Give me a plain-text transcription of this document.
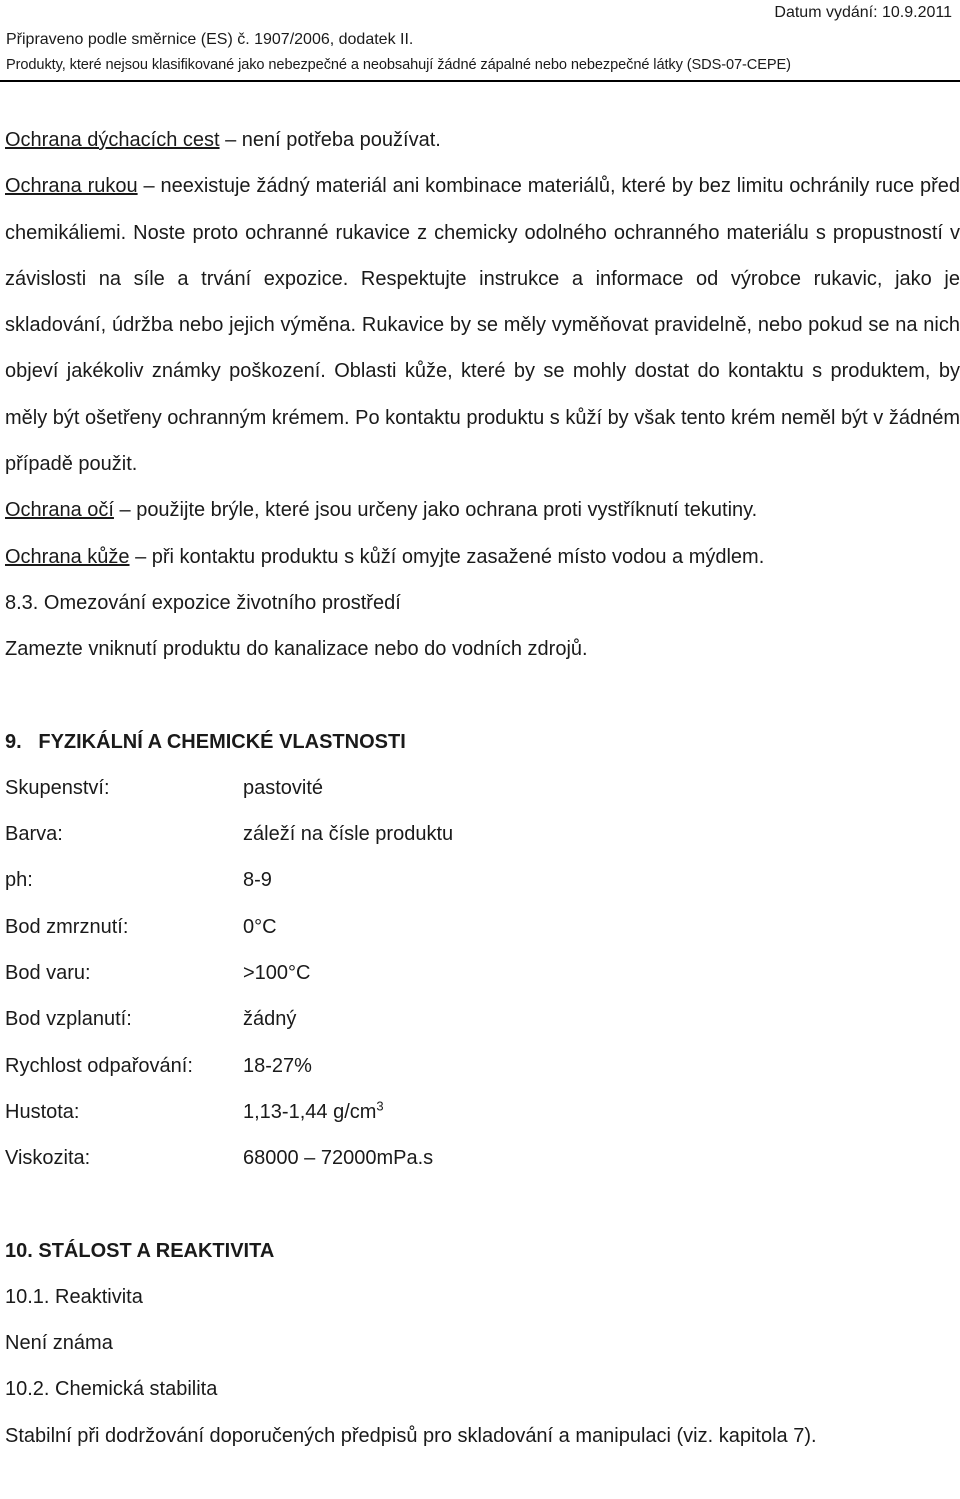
Datum vydání: 10.9.2011
Připraveno podle směrnice (ES) č. 1907/2006, dodatek II.
Produkty, které nejsou klasifikované jako nebezpečné a neobsahují žádné zápalné nebo nebezpečné látky (SDS-07-CEPE)

Ochrana dýchacích cest – není potřeba používat.

Ochrana rukou – neexistuje žádný materiál ani kombinace materiálů, které by bez limitu ochránily ruce před chemikáliemi. Noste proto ochranné rukavice z chemicky odolného ochranného materiálu s propustností v závislosti na síle a trvání expozice. Respektujte instrukce a informace od výrobce rukavic, jako je skladování, údržba nebo jejich výměna. Rukavice by se měly vyměňovat pravidelně, nebo pokud se na nich objeví jakékoliv známky poškození. Oblasti kůže, které by se mohly dostat do kontaktu s produktem, by měly být ošetřeny ochranným krémem. Po kontaktu produktu s kůží by však tento krém neměl být v žádném případě použit.

Ochrana očí – použijte brýle, které jsou určeny jako ochrana proti vystříknutí tekutiny.

Ochrana kůže – při kontaktu produktu s kůží omyjte zasažené místo vodou a mýdlem.

8.3. Omezování expozice životního prostředí

Zamezte vniknutí produktu do kanalizace nebo do vodních zdrojů.

9.   FYZIKÁLNÍ A CHEMICKÉ VLASTNOSTI

Skupenství:	pastovité
Barva:	záleží na čísle produktu
ph:	8-9
Bod zmrznutí:	0°C
Bod varu:	>100°C
Bod vzplanutí:	žádný
Rychlost odpařování:	18-27%
Hustota:	1,13-1,44 $g/cm^3$
Viskozita:	68000 – 72000mPa.s

10. STÁLOST A REAKTIVITA

10.1. Reaktivita

Není známa

10.2. Chemická stabilita

Stabilní při dodržování doporučených předpisů pro skladování a manipulaci (viz. kapitola 7).
